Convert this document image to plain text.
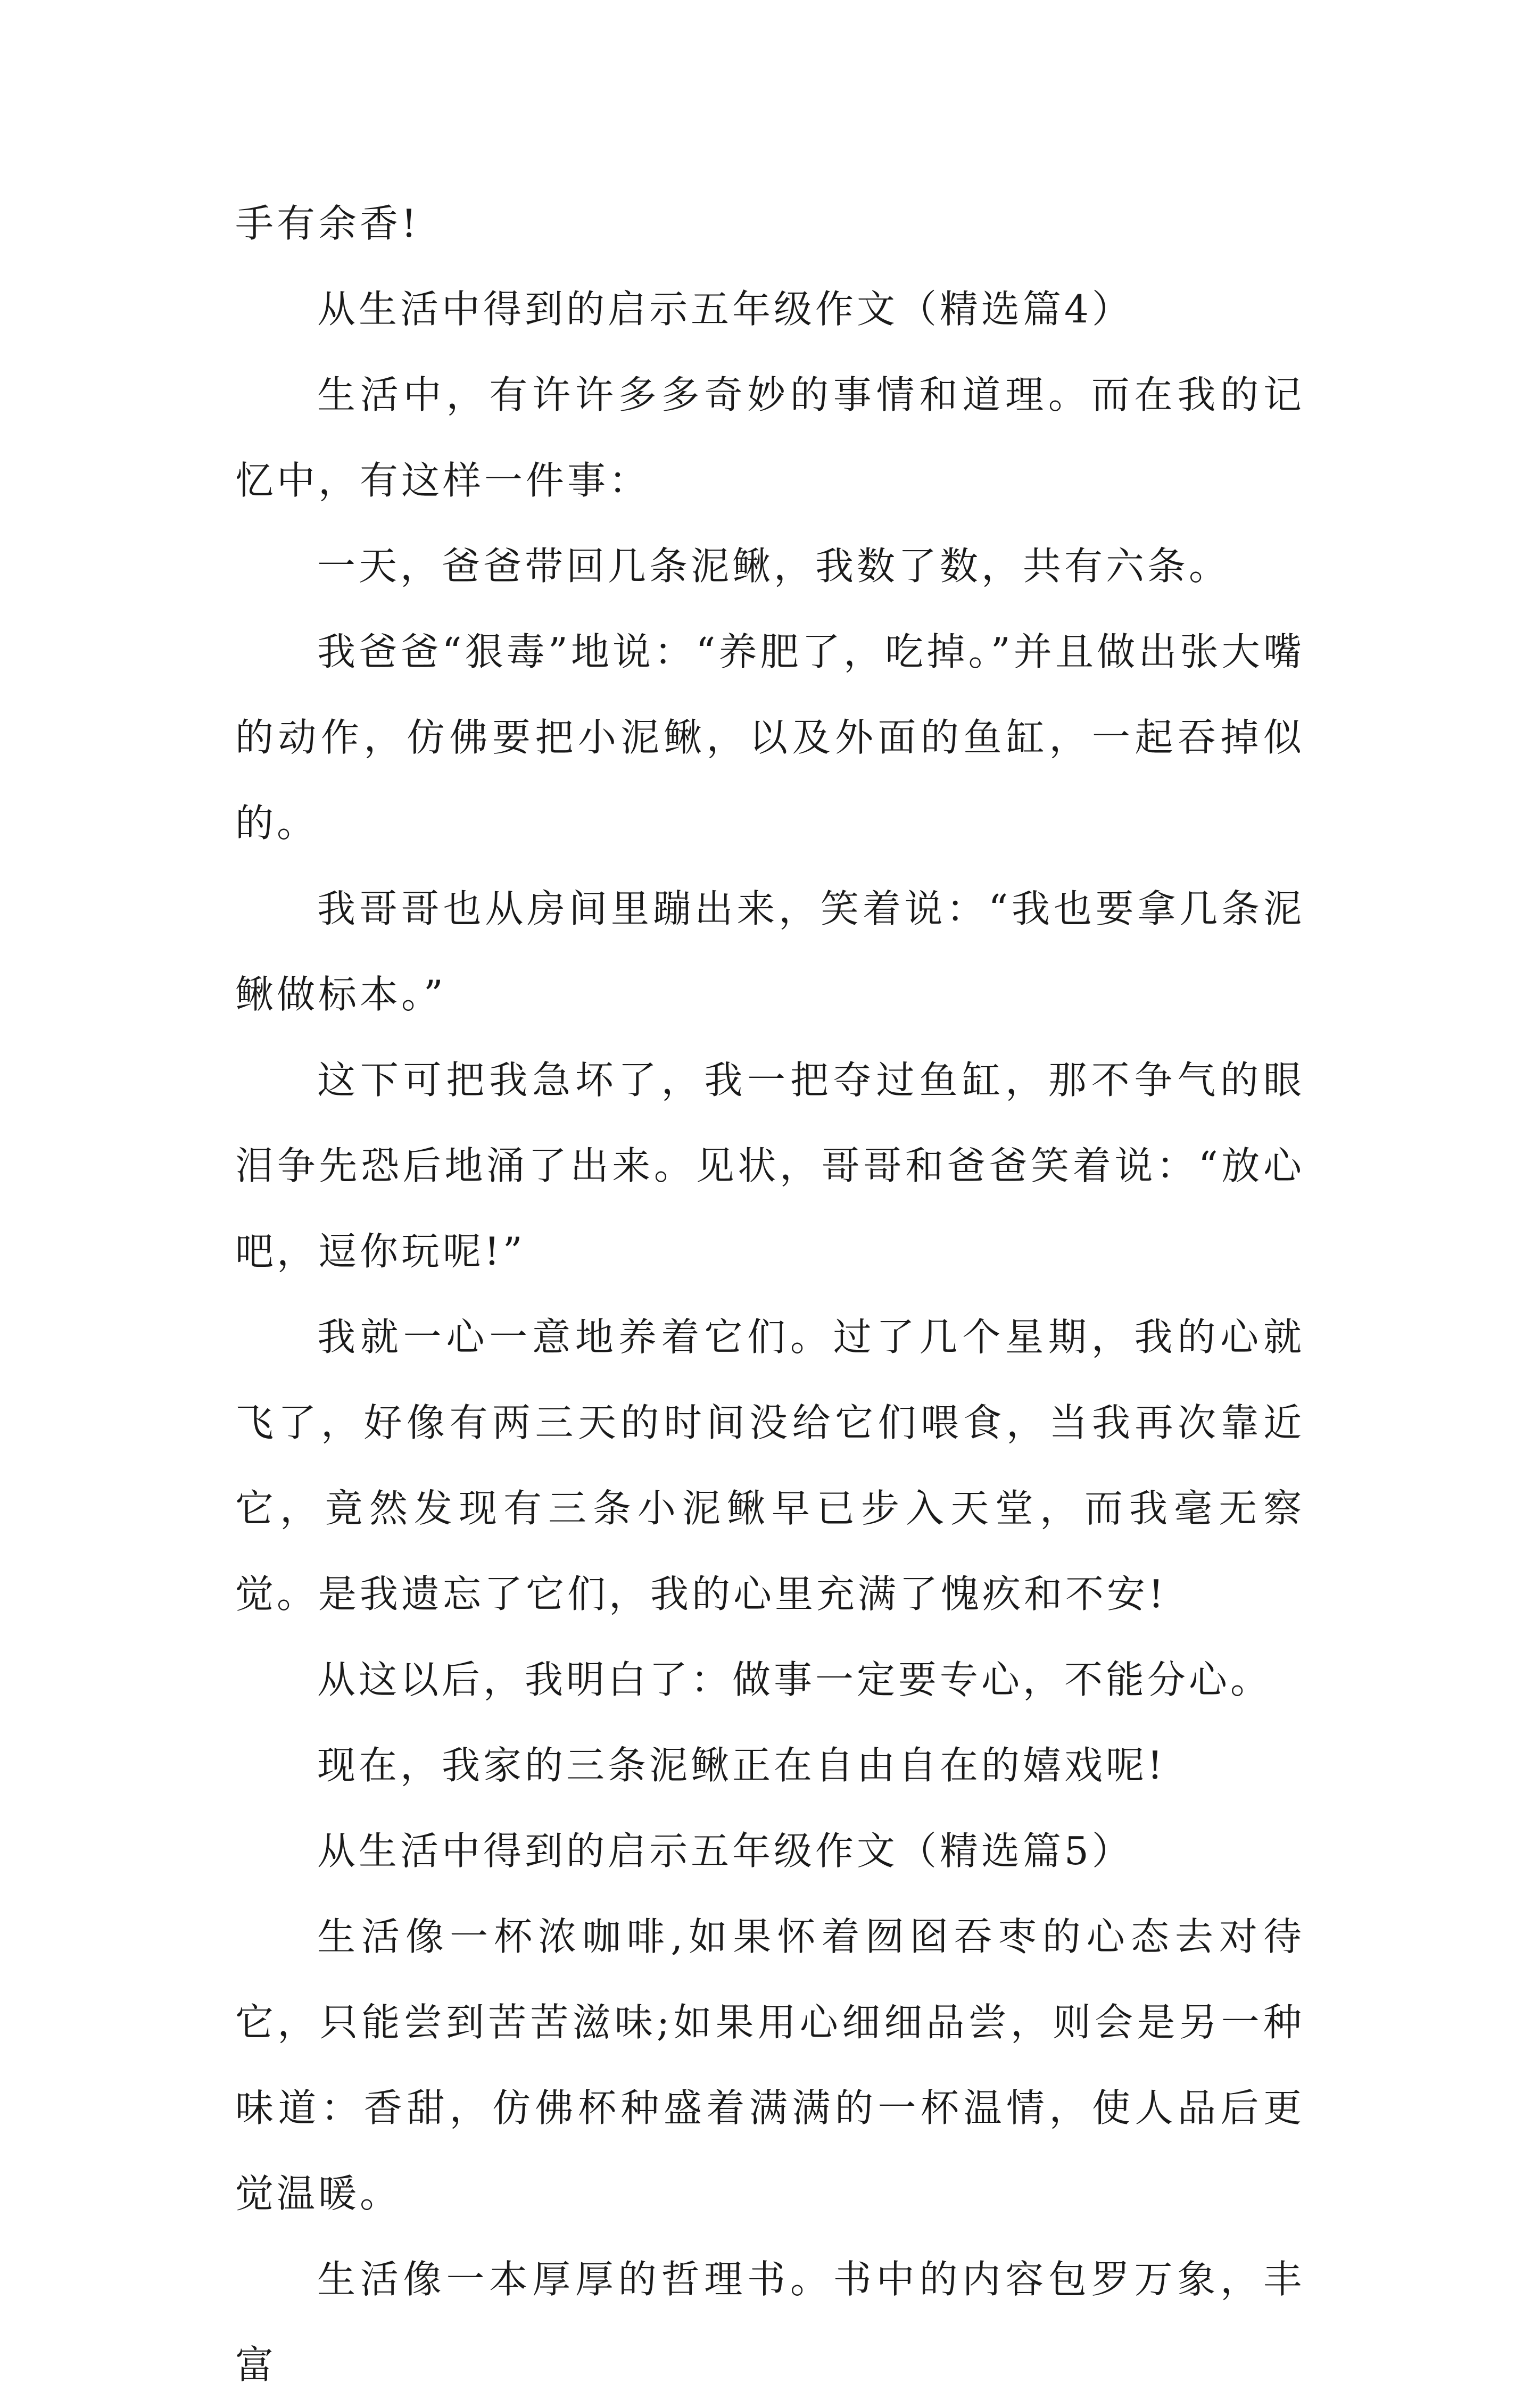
手有余香!

从生活中得到的启示五年级作文（精选篇4）

生活中，有许许多多奇妙的事情和道理。而在我的记忆中，有这样一件事：

一天，爸爸带回几条泥鳅，我数了数，共有六条。

我爸爸“狠毒”地说：“养肥了，吃掉。”并且做出张大嘴的动作，仿佛要把小泥鳅，以及外面的鱼缸，一起吞掉似的。

我哥哥也从房间里蹦出来，笑着说：“我也要拿几条泥鳅做标本。”

这下可把我急坏了，我一把夺过鱼缸，那不争气的眼泪争先恐后地涌了出来。见状，哥哥和爸爸笑着说：“放心吧，逗你玩呢!”

我就一心一意地养着它们。过了几个星期，我的心就飞了，好像有两三天的时间没给它们喂食，当我再次靠近它，竟然发现有三条小泥鳅早已步入天堂，而我毫无察觉。是我遗忘了它们，我的心里充满了愧疚和不安!

从这以后，我明白了：做事一定要专心，不能分心。

现在，我家的三条泥鳅正在自由自在的嬉戏呢!

从生活中得到的启示五年级作文（精选篇5）

生活像一杯浓咖啡,如果怀着囫囵吞枣的心态去对待它，只能尝到苦苦滋味;如果用心细细品尝，则会是另一种味道：香甜，仿佛杯种盛着满满的一杯温情，使人品后更觉温暖。

生活像一本厚厚的哲理书。书中的内容包罗万象，丰富
